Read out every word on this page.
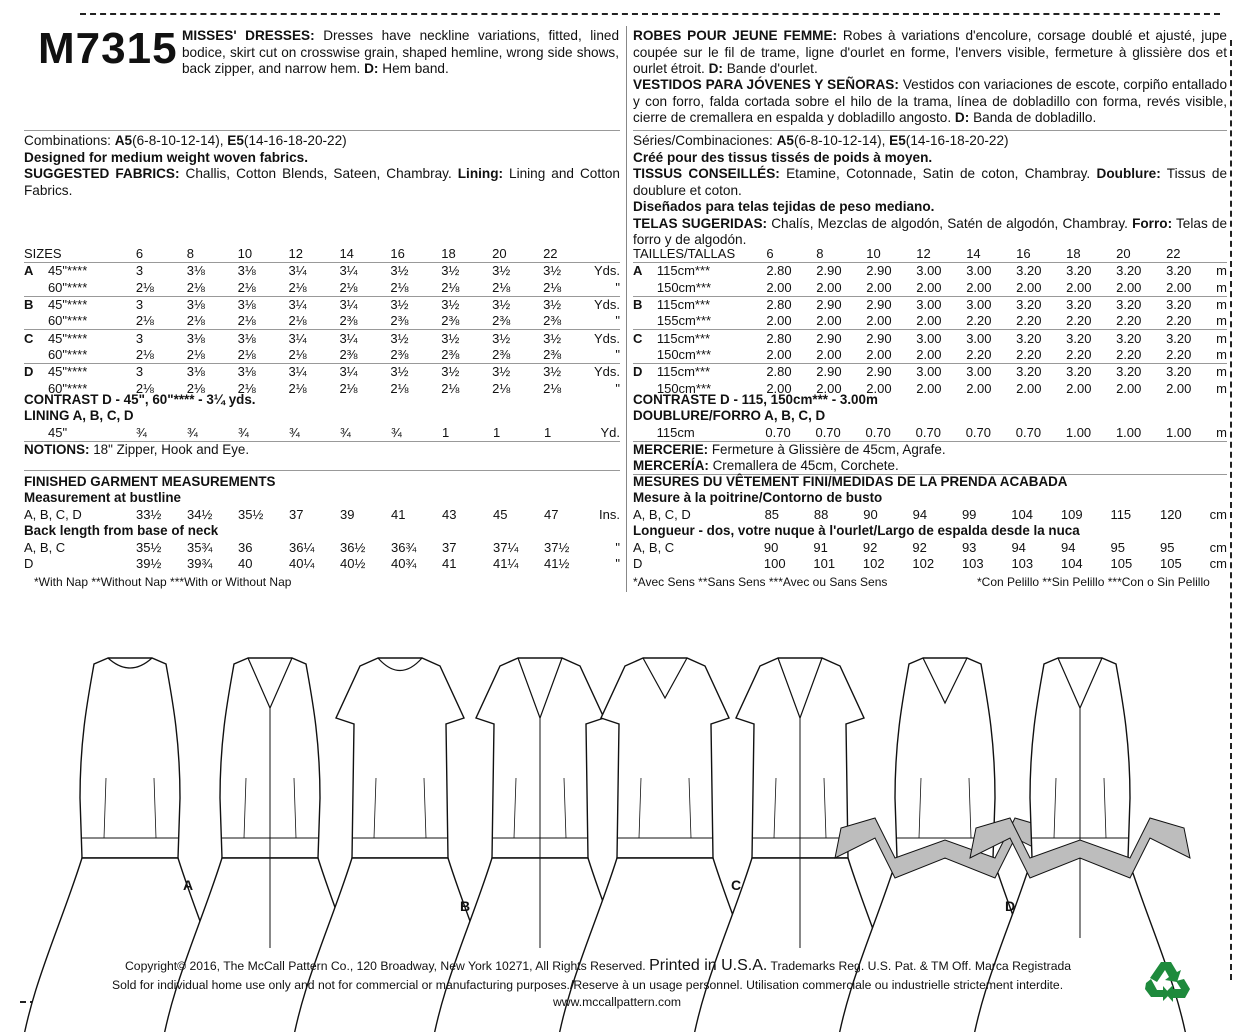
M7315 MISSES' DRESSES: Dresses have neckline variations, fitted, lined bodice, skirt cut on crosswise grain, shaped hemline, wrong side shows, back zipper, and narrow hem. D: Hem band.
Combinations: A5(6-8-10-12-14), E5(14-16-18-20-22)
Designed for medium weight woven fabrics.
SUGGESTED FABRICS: Challis, Cotton Blends, Sateen, Chambray. Lining: Lining and Cotton Fabrics.
SIZES		6	8	10	12	14	16	18	20	22	
A	45"****	3	3⅛	3⅛	3¼	3¼	3½	3½	3½	3½	Yds.
	60"****	2⅛	2⅛	2⅛	2⅛	2⅛	2⅛	2⅛	2⅛	2⅛	"
B	45"****	3	3⅛	3⅛	3¼	3¼	3½	3½	3½	3½	Yds.
	60"****	2⅛	2⅛	2⅛	2⅛	2⅜	2⅜	2⅜	2⅜	2⅜	"
C	45"****	3	3⅛	3⅛	3¼	3¼	3½	3½	3½	3½	Yds.
	60"****	2⅛	2⅛	2⅛	2⅛	2⅜	2⅜	2⅜	2⅜	2⅜	"
D	45"****	3	3⅛	3⅛	3¼	3¼	3½	3½	3½	3½	Yds.
	60"****	2⅛	2⅛	2⅛	2⅛	2⅛	2⅛	2⅛	2⅛	2⅛	"
CONTRAST D - 45", 60"**** - 3¼ yds.
LINING A, B, C, D
	45"	¾	¾	¾	¾	¾	¾	1	1	1	Yd.
NOTIONS: 18" Zipper, Hook and Eye.
FINISHED GARMENT MEASUREMENTS
Measurement at bustline
	A, B, C, D	33½	34½	35½	37	39	41	43	45	47	Ins.
Back length from base of neck
	A, B, C	35½	35¾	36	36¼	36½	36¾	37	37¼	37½	"
	D	39½	39¾	40	40¼	40½	40¾	41	41¼	41½	"
*With Nap **Without Nap ***With or Without Nap
ROBES POUR JEUNE FEMME: Robes à variations d'encolure, corsage doublé et ajusté, jupe coupée sur le fil de trame, ligne d'ourlet en forme, l'envers visible, fermeture à glissière dos et ourlet étroit. D: Bande d'ourlet.
VESTIDOS PARA JÓVENES Y SEÑORAS: Vestidos con variaciones de escote, corpiño entallado y con forro, falda cortada sobre el hilo de la trama, línea de dobladillo con forma, revés visible, cierre de cremallera en espalda y dobladillo angosto. D: Banda de dobladillo.
Séries/Combinaciones: A5(6-8-10-12-14), E5(14-16-18-20-22)
Créé pour des tissus tissés de poids à moyen.
TISSUS CONSEILLÉS: Etamine, Cotonnade, Satin de coton, Chambray. Doublure: Tissus de doublure et coton.
Diseñados para telas tejidas de peso mediano.
TELAS SUGERIDAS: Chalís, Mezclas de algodón, Satén de algodón, Chambray. Forro: Telas de forro y de algodón.
TAILLES/TALLAS		6	8	10	12	14	16	18	20	22	
A	115cm***	2.80	2.90	2.90	3.00	3.00	3.20	3.20	3.20	3.20	m
	150cm***	2.00	2.00	2.00	2.00	2.00	2.00	2.00	2.00	2.00	m
B	115cm***	2.80	2.90	2.90	3.00	3.00	3.20	3.20	3.20	3.20	m
	155cm***	2.00	2.00	2.00	2.00	2.20	2.20	2.20	2.20	2.20	m
C	115cm***	2.80	2.90	2.90	3.00	3.00	3.20	3.20	3.20	3.20	m
	150cm***	2.00	2.00	2.00	2.00	2.20	2.20	2.20	2.20	2.20	m
D	115cm***	2.80	2.90	2.90	3.00	3.00	3.20	3.20	3.20	3.20	m
	150cm***	2.00	2.00	2.00	2.00	2.00	2.00	2.00	2.00	2.00	m
CONTRASTE D - 115, 150cm*** - 3.00m
DOUBLURE/FORRO A, B, C, D
	115cm	0.70	0.70	0.70	0.70	0.70	0.70	1.00	1.00	1.00	m
MERCERIE: Fermeture à Glissière de 45cm, Agrafe.
MERCERÍA: Cremallera de 45cm, Corchete.
MESURES DU VÊTEMENT FINI/MEDIDAS DE LA PRENDA ACABADA
Mesure à la poitrine/Contorno de busto
	A, B, C, D	85	88	90	94	99	104	109	115	120	cm
Longueur - dos, votre nuque à l'ourlet/Largo de espalda desde la nuca
	A, B, C	90	91	92	92	93	94	94	95	95	cm
	D	100	101	102	102	103	103	104	105	105	cm
*Avec Sens **Sans Sens ***Avec ou Sans Sens	*Con Pelillo **Sin Pelillo ***Con o Sin Pelillo
A
B
C
D
Copyright© 2016, The McCall Pattern Co., 120 Broadway, New York 10271, All Rights Reserved. Printed in U.S.A. Trademarks Reg. U.S. Pat. & TM Off. Marca Registrada
Sold for individual home use only and not for commercial or manufacturing purposes./Reserve à un usage personnel. Utilisation commerciale ou industrielle strictement interdite.
www.mccallpattern.com
